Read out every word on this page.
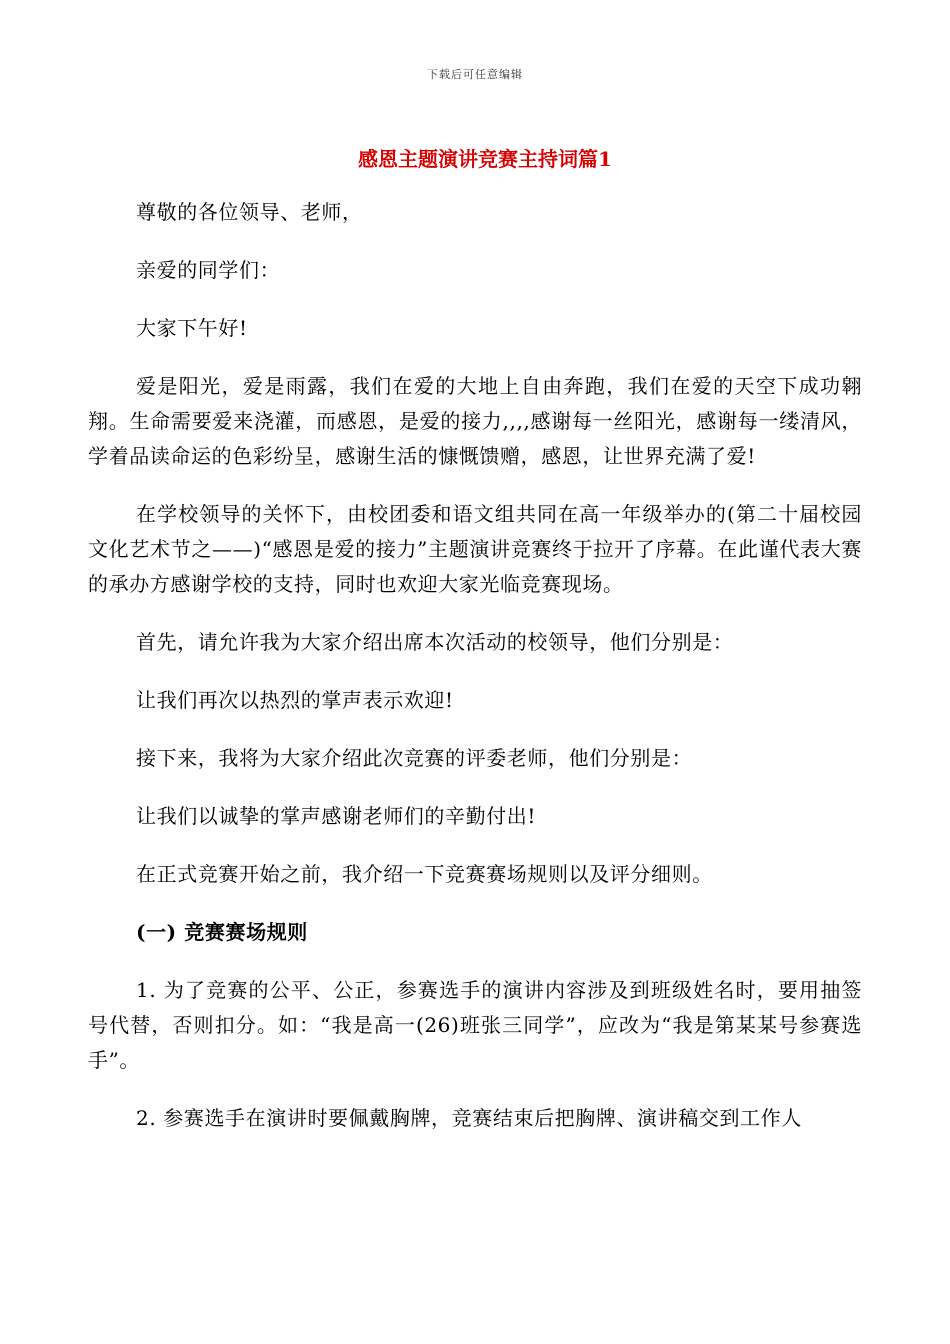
下载后可任意编辑
感恩主题演讲竞赛主持词篇1

尊敬的各位领导、老师，

亲爱的同学们：

大家下午好!

爱是阳光，爱是雨露，我们在爱的大地上自由奔跑，我们在爱的天空下成功翱翔。生命需要爱来浇灌，而感恩，是爱的接力,,,,感谢每一丝阳光，感谢每一缕清风，学着品读命运的色彩纷呈，感谢生活的慷慨馈赠，感恩，让世界充满了爱!

在学校领导的关怀下，由校团委和语文组共同在高一年级举办的(第二十届校园文化艺术节之——)“感恩是爱的接力”主题演讲竞赛终于拉开了序幕。在此谨代表大赛的承办方感谢学校的支持，同时也欢迎大家光临竞赛现场。

首先，请允许我为大家介绍出席本次活动的校领导，他们分别是：

让我们再次以热烈的掌声表示欢迎!

接下来，我将为大家介绍此次竞赛的评委老师，他们分别是：

让我们以诚挚的掌声感谢老师们的辛勤付出!

在正式竞赛开始之前，我介绍一下竞赛赛场规则以及评分细则。

(一) 竞赛赛场规则

1. 为了竞赛的公平、公正，参赛选手的演讲内容涉及到班级姓名时，要用抽签号代替，否则扣分。如：“我是高一(26)班张三同学”，应改为“我是第某某号参赛选手”。

2. 参赛选手在演讲时要佩戴胸牌，竞赛结束后把胸牌、演讲稿交到工作人
